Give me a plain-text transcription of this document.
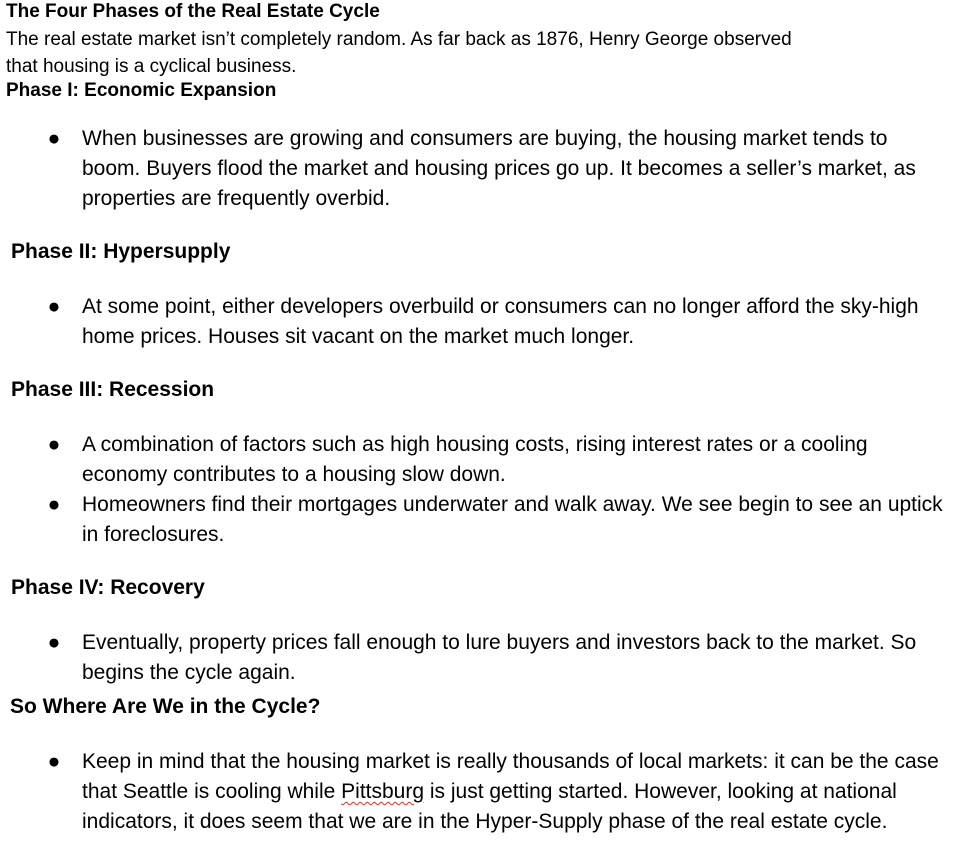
The Four Phases of the Real Estate Cycle
The real estate market isn’t completely random. As far back as 1876, Henry George observed that housing is a cyclical business.
Phase I: Economic Expansion
● When businesses are growing and consumers are buying, the housing market tends to boom. Buyers flood the market and housing prices go up. It becomes a seller’s market, as properties are frequently overbid.
Phase II: Hypersupply
● At some point, either developers overbuild or consumers can no longer afford the sky-high home prices. Houses sit vacant on the market much longer.
Phase III: Recession
● A combination of factors such as high housing costs, rising interest rates or a cooling economy contributes to a housing slow down.
● Homeowners find their mortgages underwater and walk away. We see begin to see an uptick in foreclosures.
Phase IV: Recovery
● Eventually, property prices fall enough to lure buyers and investors back to the market. So begins the cycle again.
So Where Are We in the Cycle?
● Keep in mind that the housing market is really thousands of local markets: it can be the case that Seattle is cooling while Pittsburg is just getting started. However, looking at national indicators, it does seem that we are in the Hyper-Supply phase of the real estate cycle.
